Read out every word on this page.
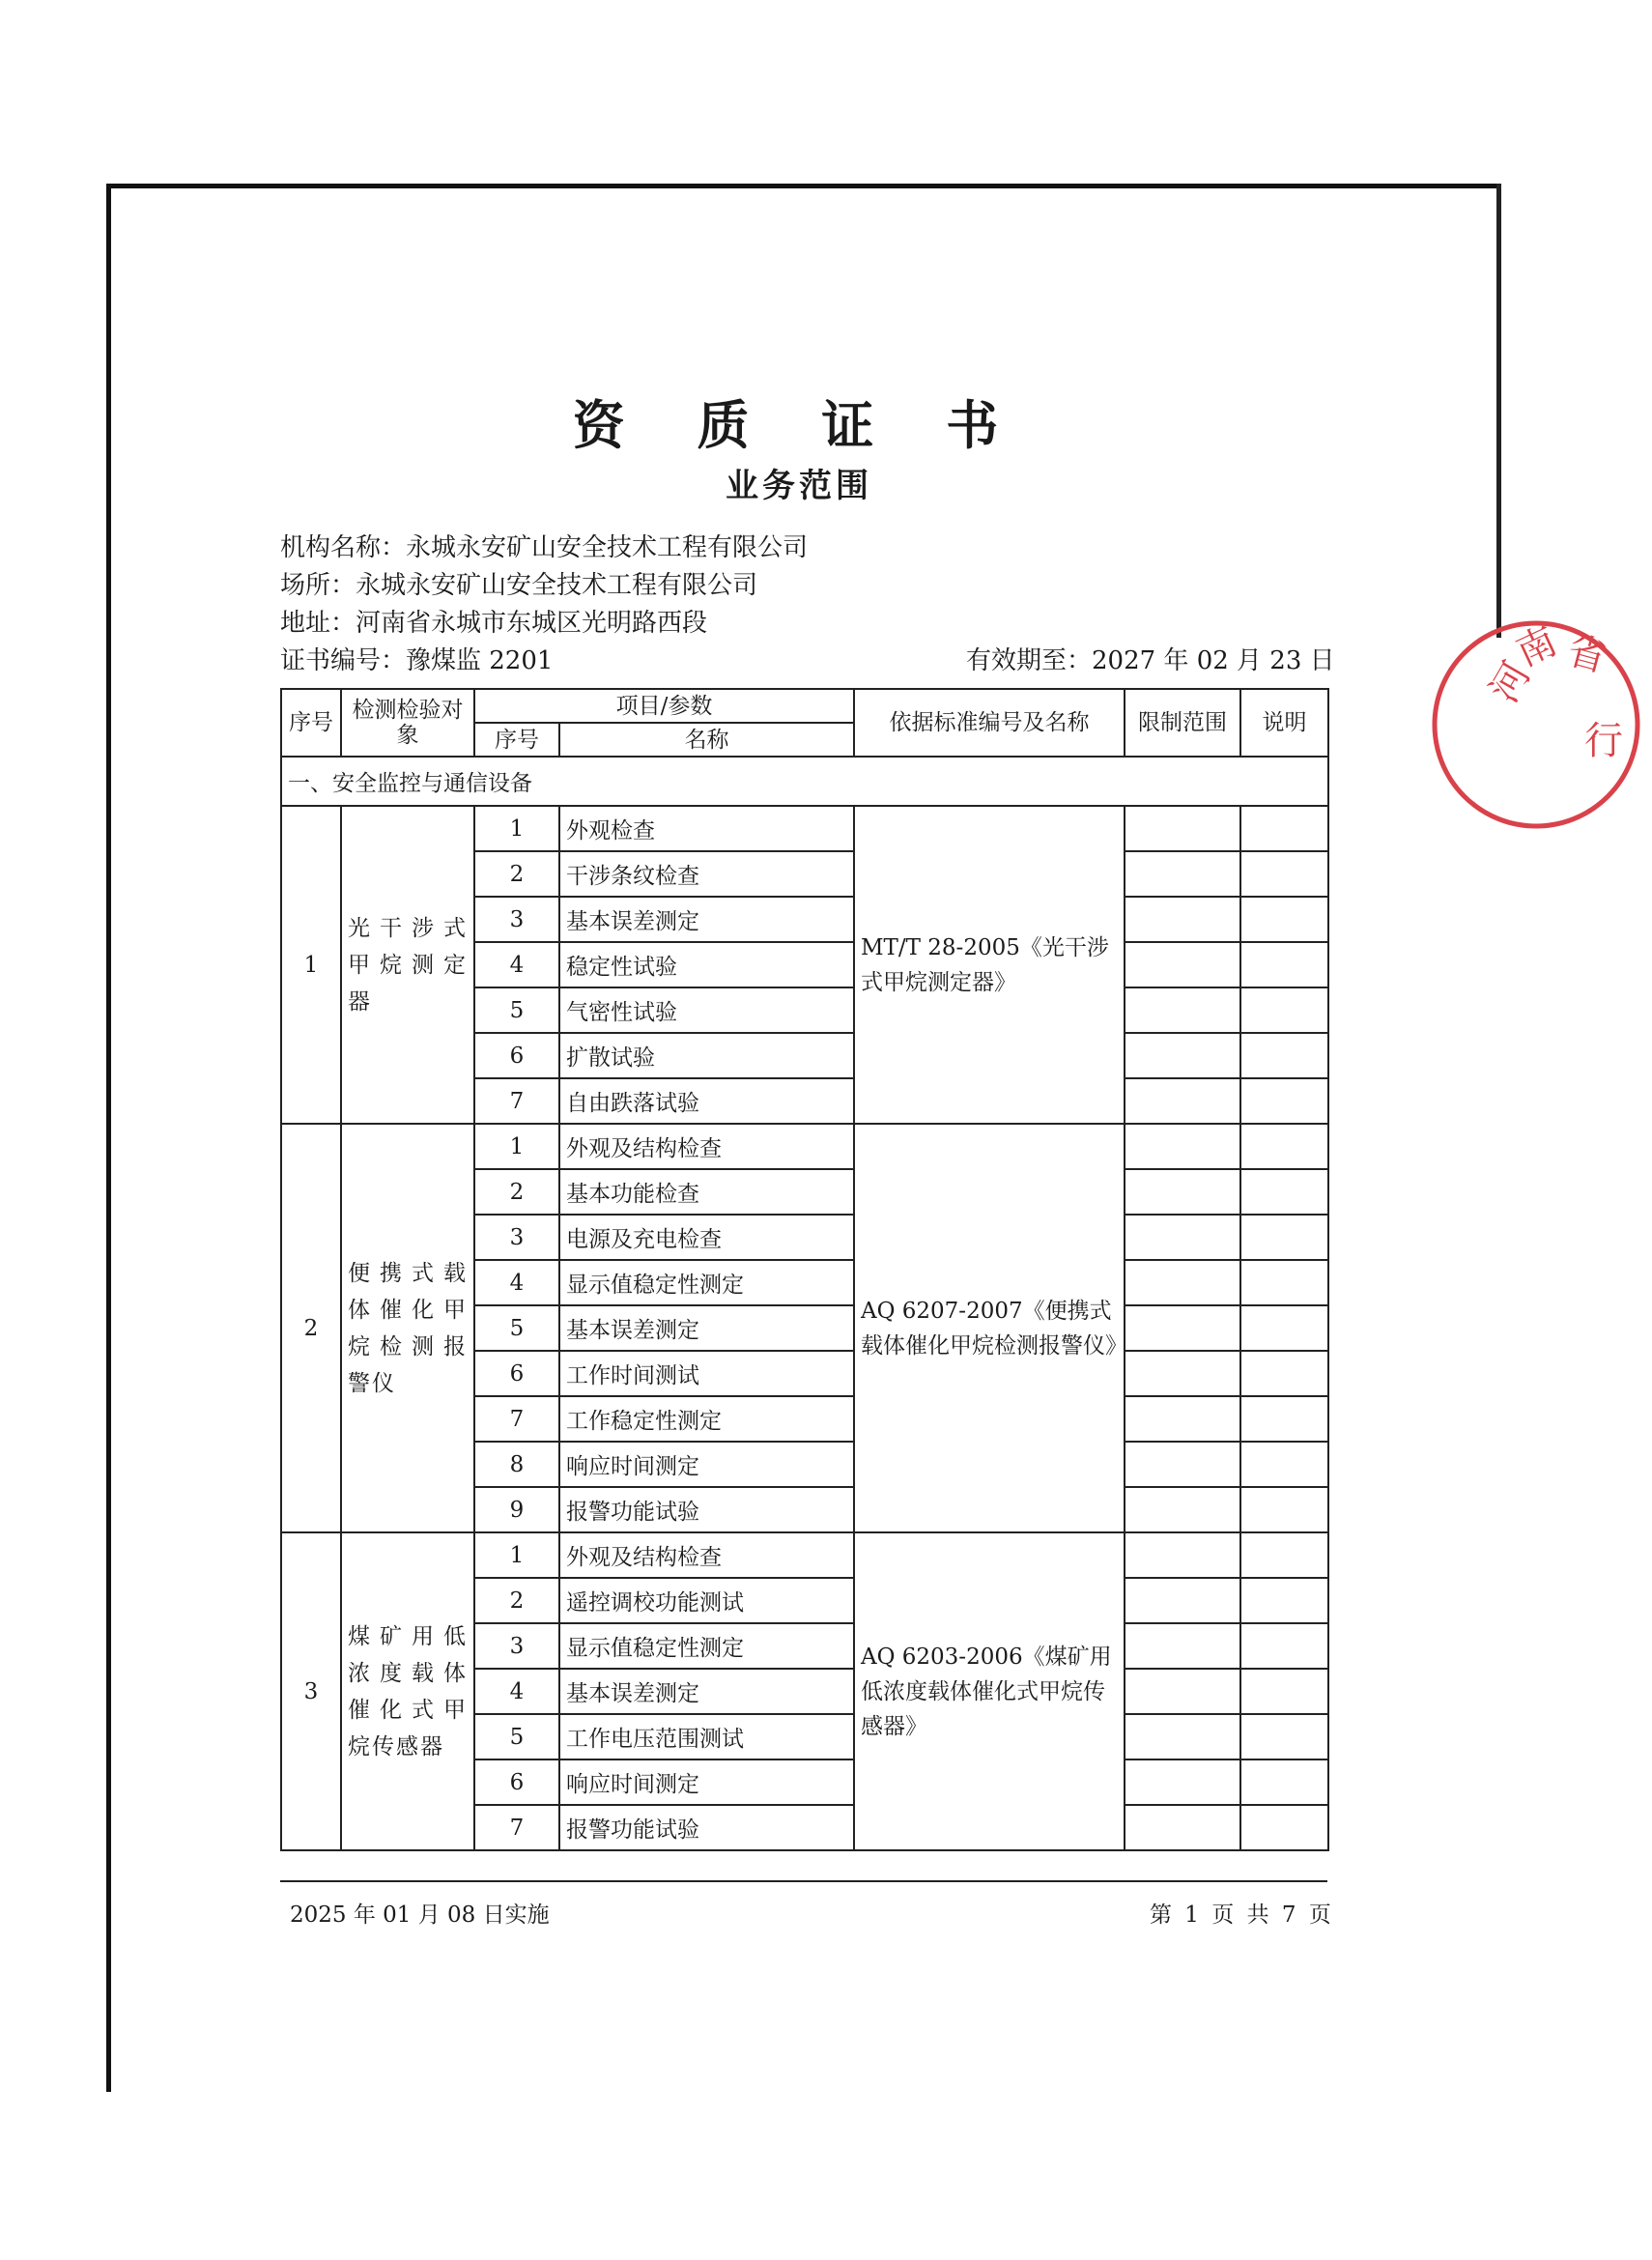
资 质 证 书
业务范围
机构名称：永城永安矿山安全技术工程有限公司
场所：永城永安矿山安全技术工程有限公司
地址：河南省永城市东城区光明路西段
证书编号：豫煤监 2201	有效期至：2027 年 02 月 23 日
序号	检测检验对象	项目/参数		依据标准编号及名称	限制范围	说明
		序号	名称			
一、安全监控与通信设备						
1	光干涉式甲烷测定器	1	外观检查	MT/T 28-2005《光干涉式甲烷测定器》		
		2	干涉条纹检查			
		3	基本误差测定			
		4	稳定性试验			
		5	气密性试验			
		6	扩散试验			
		7	自由跌落试验			
2	便携式载体催化甲烷检测报警仪	1	外观及结构检查	AQ 6207-2007《便携式载体催化甲烷检测报警仪》		
		2	基本功能检查			
		3	电源及充电检查			
		4	显示值稳定性测定			
		5	基本误差测定			
		6	工作时间测试			
		7	工作稳定性测定			
		8	响应时间测定			
		9	报警功能试验			
3	煤矿用低浓度载体催化式甲烷传感器	1	外观及结构检查	AQ 6203-2006《煤矿用低浓度载体催化式甲烷传感器》		
		2	遥控调校功能测试			
		3	显示值稳定性测定			
		4	基本误差测定			
		5	工作电压范围测试			
		6	响应时间测定			
		7	报警功能试验			
2025 年 01 月 08 日实施	第 1 页 共 7 页
河
南
省
行
